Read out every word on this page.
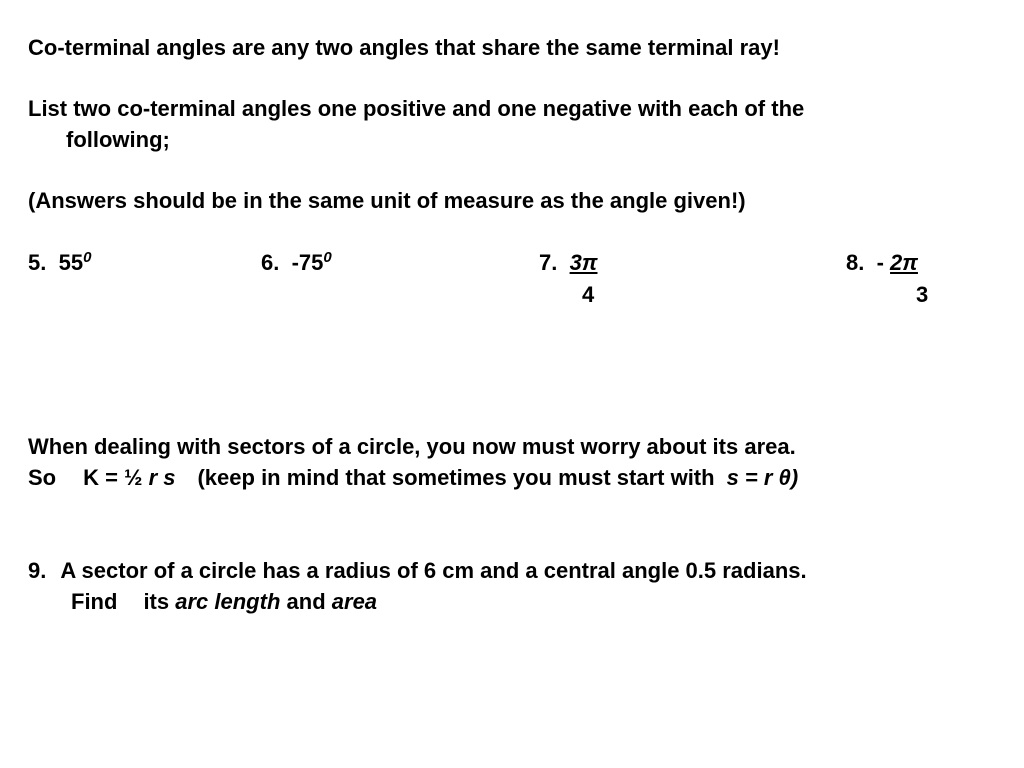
Co-terminal angles are any two angles that share the same terminal ray!
List two co-terminal angles one positive and one negative with each of the
following;
(Answers should be in the same unit of measure as the angle given!)
5. $55^0$	6. $-75^0$	7. 3π
4
8. - 2π
3
When dealing with sectors of a circle, you now must worry about its area.
So K = ½ r s (keep in mind that sometimes you must start with s = r θ)
9. A sector of a circle has a radius of 6 cm and a central angle 0.5 radians.
Find its arc length and area
